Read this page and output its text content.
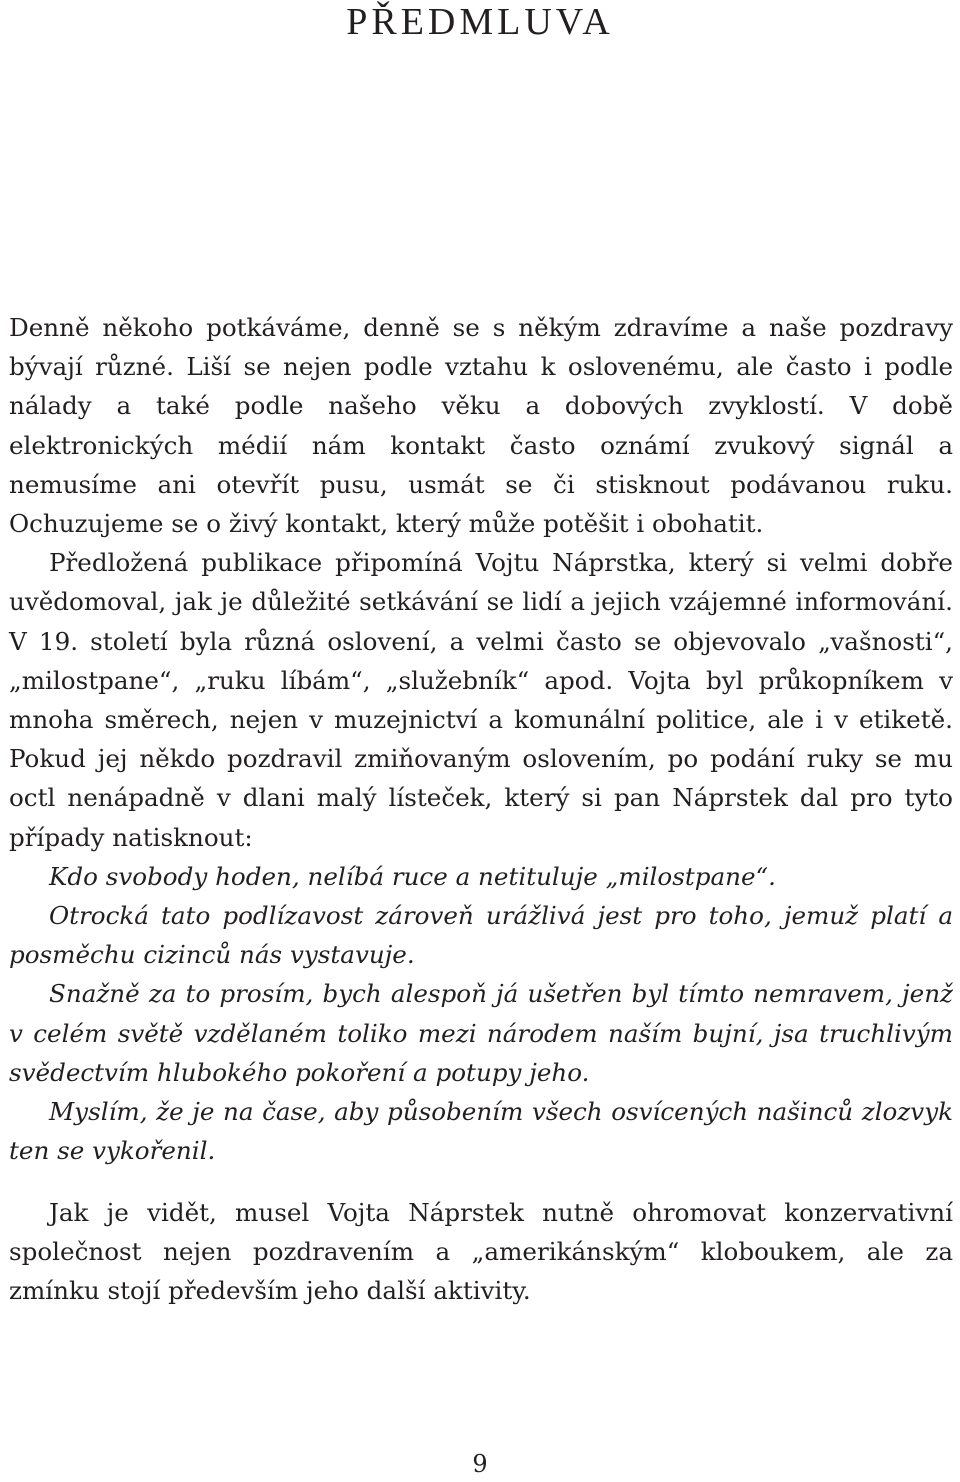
PŘEDMLUVA

Denně někoho potkáváme, denně se s někým zdravíme a naše pozdravy bývají různé. Liší se nejen podle vztahu k oslovenému, ale často i podle nálady a také podle našeho věku a dobových zvyklostí. V době elektronických médií nám kontakt často oznámí zvukový signál a nemusíme ani otevřít pusu, usmát se či stisknout podávanou ruku. Ochuzujeme se o živý kontakt, který může potěšit i obohatit.

Předložená publikace připomíná Vojtu Náprstka, který si velmi dobře uvědomoval, jak je důležité setkávání se lidí a jejich vzájemné informování. V 19. století byla různá oslovení, a velmi často se objevovalo „vašnosti“, „milostpane“, „ruku líbám“, „služebník“ apod. Vojta byl průkopníkem v mnoha směrech, nejen v muzejnictví a komunální politice, ale i v etiketě. Pokud jej někdo pozdravil zmiňovaným oslovením, po podání ruky se mu octl nenápadně v dlani malý lísteček, který si pan Náprstek dal pro tyto případy natisknout:

Kdo svobody hoden, nelíbá ruce a netituluje „milostpane“.

Otrocká tato podlízavost zároveň urážlivá jest pro toho, jemuž platí a posměchu cizinců nás vystavuje.

Snažně za to prosím, bych alespoň já ušetřen byl tímto nemravem, jenž v celém světě vzdělaném toliko mezi národem naším bujní, jsa truchlivým svědectvím hlubokého pokoření a potupy jeho.

Myslím, že je na čase, aby působením všech osvícených našinců zlozvyk ten se vykořenil.

Jak je vidět, musel Vojta Náprstek nutně ohromovat konzervativní společnost nejen pozdravením a „amerikánským“ kloboukem, ale za zmínku stojí především jeho další aktivity.

9
